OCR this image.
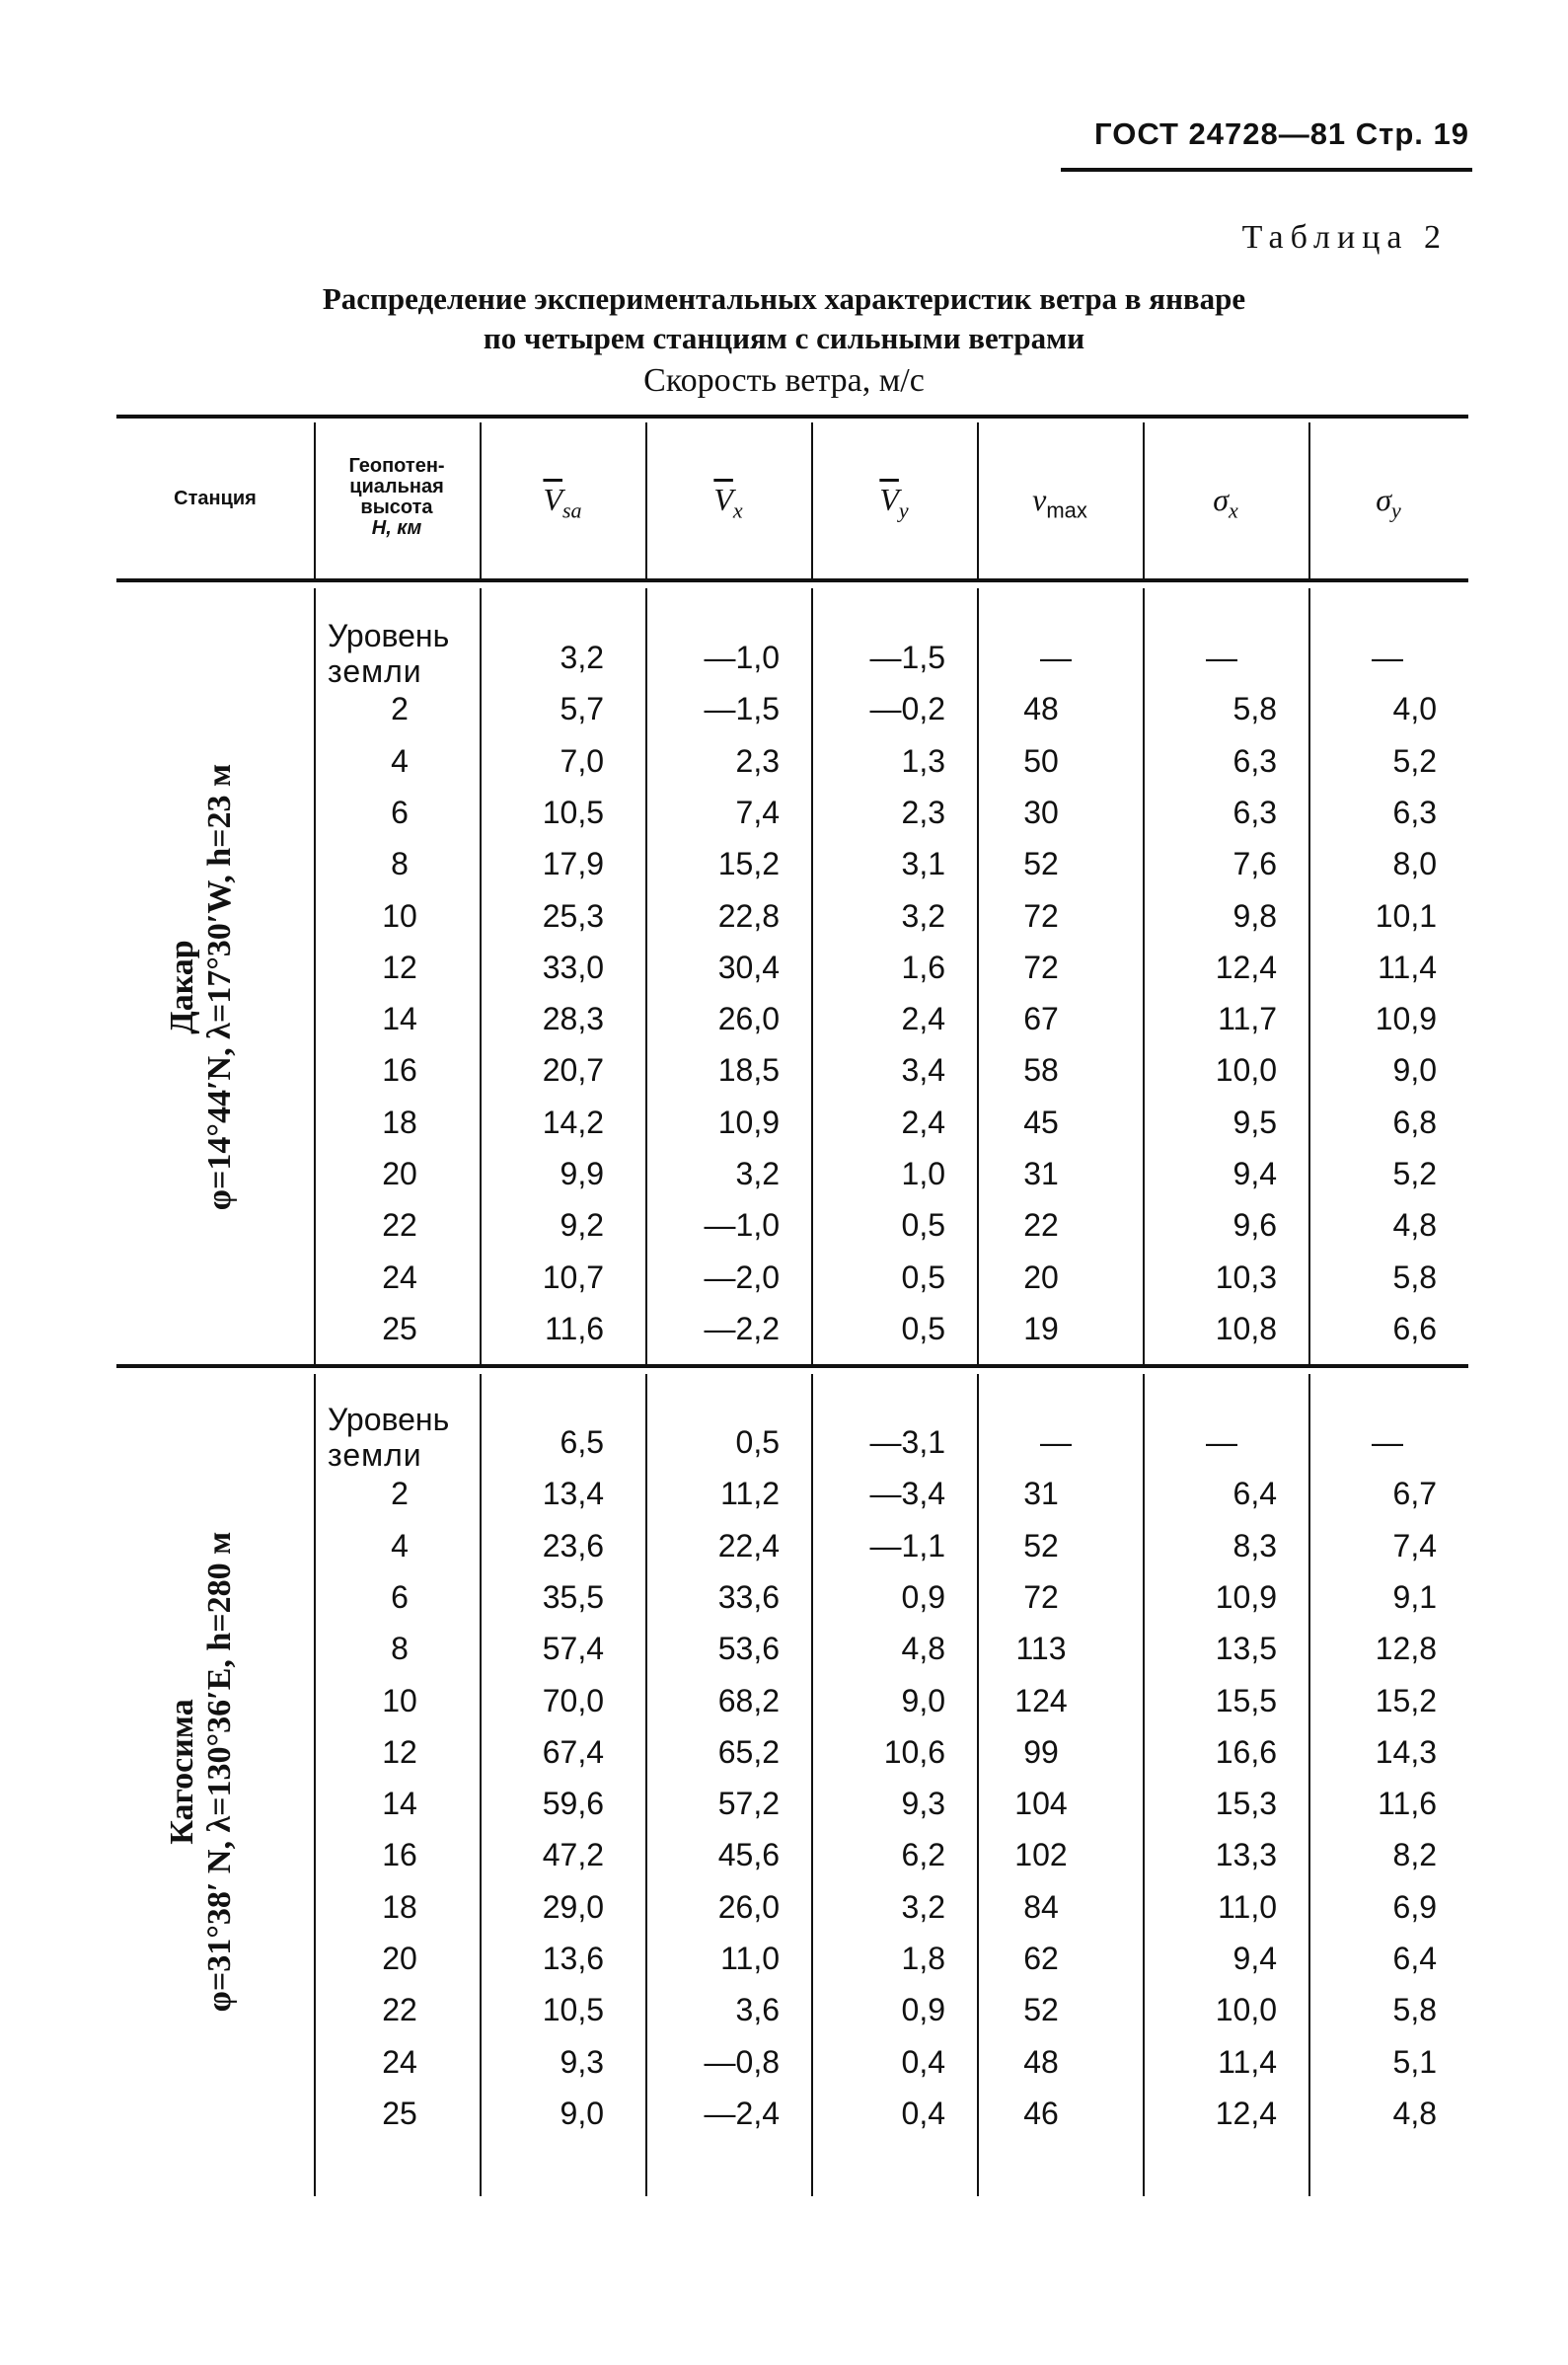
ГОСТ 24728—81 Стр. 19
Таблица 2
Распределение экспериментальных характеристик ветра в январе
по четырем станциям с сильными ветрами
Скорость ветра, м/с
Станция
Геопотен-
циальная
высота
H, км
$\overline{V}_{sa}$	$\overline{V}_x$	$\overline{V}_y$	$v_{max}$	$\sigma_x$	$\sigma_y$
Дакар φ=14°44′N, λ=17°30′W, h=23 м
Кагосима φ=31°38′ N, λ=130°36′E, h=280 м
Уровень
земли	3,2	—1,0	—1,5	—	—	—
2	5,7	—1,5	—0,2	48	5,8	4,0
4	7,0	2,3	1,3	50	6,3	5,2
6	10,5	7,4	2,3	30	6,3	6,3
8	17,9	15,2	3,1	52	7,6	8,0
10	25,3	22,8	3,2	72	9,8	10,1
12	33,0	30,4	1,6	72	12,4	11,4
14	28,3	26,0	2,4	67	11,7	10,9
16	20,7	18,5	3,4	58	10,0	9,0
18	14,2	10,9	2,4	45	9,5	6,8
20	9,9	3,2	1,0	31	9,4	5,2
22	9,2	—1,0	0,5	22	9,6	4,8
24	10,7	—2,0	0,5	20	10,3	5,8
25	11,6	—2,2	0,5	19	10,8	6,6
Уровень
земли	6,5	0,5	—3,1	—	—	—
2	13,4	11,2	—3,4	31	6,4	6,7
4	23,6	22,4	—1,1	52	8,3	7,4
6	35,5	33,6	0,9	72	10,9	9,1
8	57,4	53,6	4,8	113	13,5	12,8
10	70,0	68,2	9,0	124	15,5	15,2
12	67,4	65,2	10,6	99	16,6	14,3
14	59,6	57,2	9,3	104	15,3	11,6
16	47,2	45,6	6,2	102	13,3	8,2
18	29,0	26,0	3,2	84	11,0	6,9
20	13,6	11,0	1,8	62	9,4	6,4
22	10,5	3,6	0,9	52	10,0	5,8
24	9,3	—0,8	0,4	48	11,4	5,1
25	9,0	—2,4	0,4	46	12,4	4,8
